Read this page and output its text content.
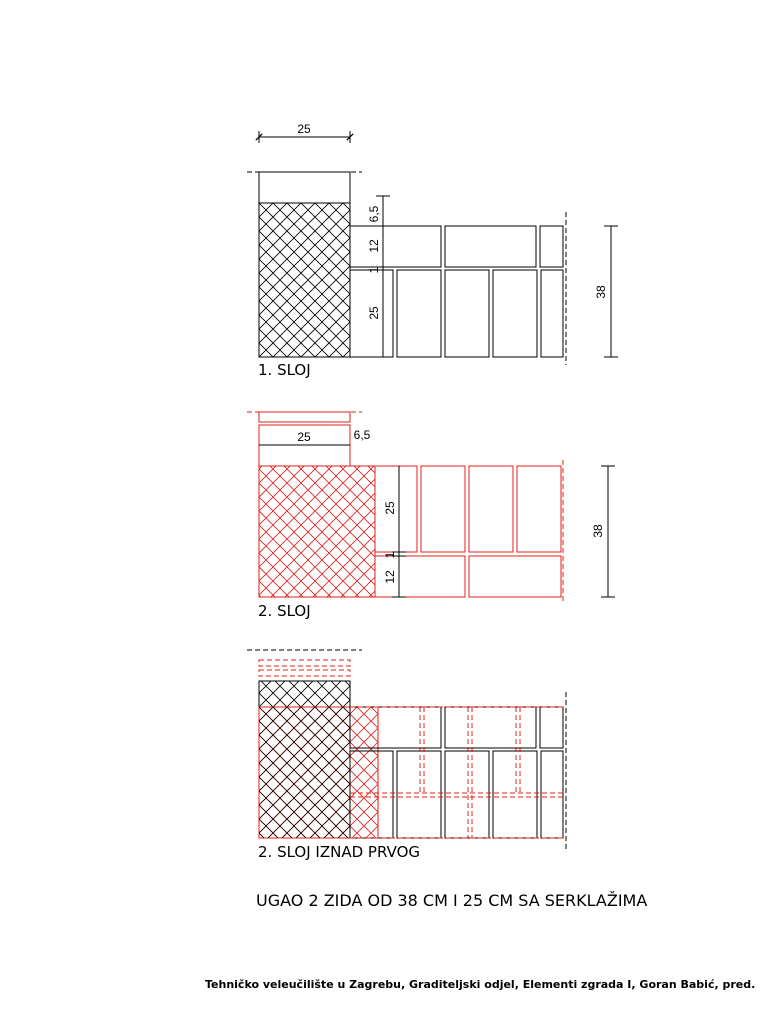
25
6,5
12
1
25
38
1. SLOJ
25	6,5
25
1
12
38
2. SLOJ
2. SLOJ IZNAD PRVOG
UGAO 2 ZIDA OD 38 CM I 25 CM SA SERKLAŽIMA
Tehničko veleučilište u Zagrebu, Graditeljski odjel, Elementi zgrada I, Goran Babić, pred.
